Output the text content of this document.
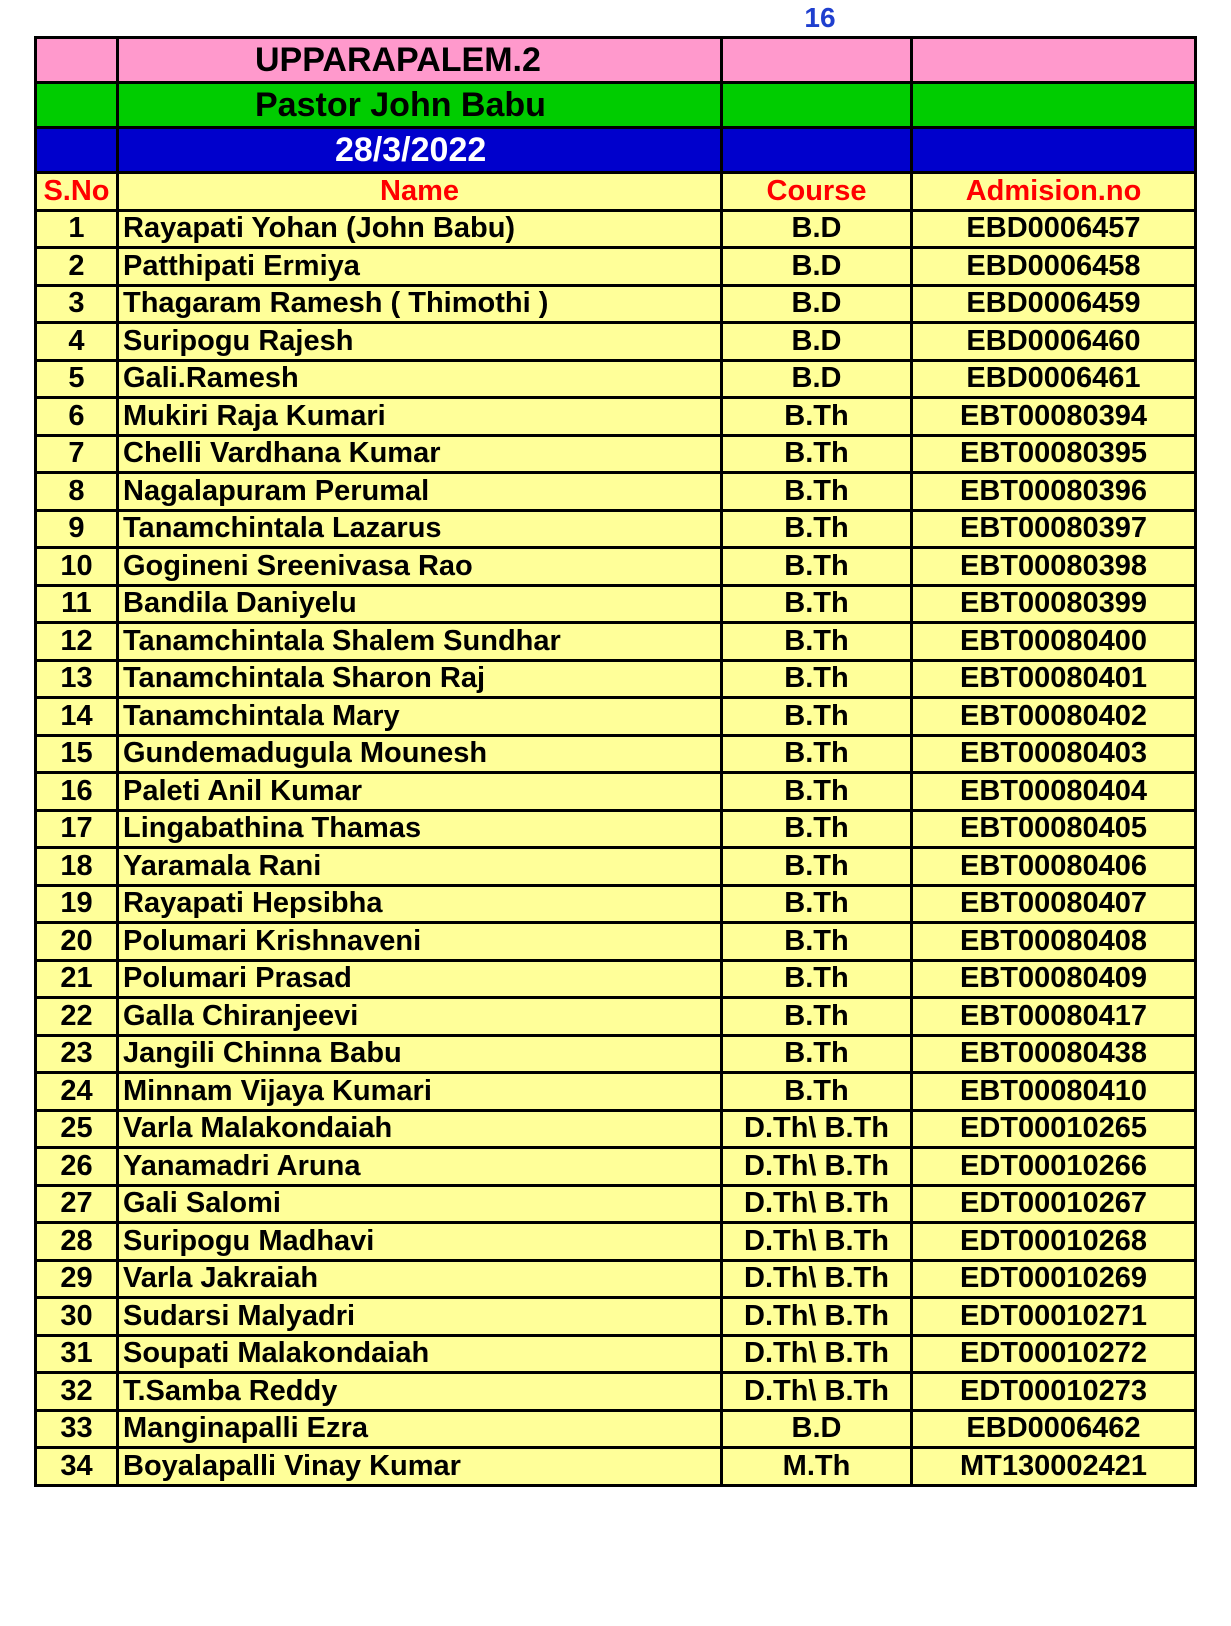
16
	UPPARAPALEM.2		
	Pastor John Babu		
	28/3/2022		
S.No	Name	Course	Admision.no
1	Rayapati Yohan (John Babu)	B.D	EBD0006457
2	Patthipati Ermiya	B.D	EBD0006458
3	Thagaram Ramesh ( Thimothi )	B.D	EBD0006459
4	Suripogu Rajesh	B.D	EBD0006460
5	Gali.Ramesh	B.D	EBD0006461
6	Mukiri Raja Kumari	B.Th	EBT00080394
7	Chelli Vardhana Kumar	B.Th	EBT00080395
8	Nagalapuram Perumal	B.Th	EBT00080396
9	Tanamchintala Lazarus	B.Th	EBT00080397
10	Gogineni Sreenivasa Rao	B.Th	EBT00080398
11	Bandila Daniyelu	B.Th	EBT00080399
12	Tanamchintala Shalem Sundhar	B.Th	EBT00080400
13	Tanamchintala Sharon Raj	B.Th	EBT00080401
14	Tanamchintala Mary	B.Th	EBT00080402
15	Gundemadugula Mounesh	B.Th	EBT00080403
16	Paleti Anil Kumar	B.Th	EBT00080404
17	Lingabathina Thamas	B.Th	EBT00080405
18	Yaramala Rani	B.Th	EBT00080406
19	Rayapati Hepsibha	B.Th	EBT00080407
20	Polumari Krishnaveni	B.Th	EBT00080408
21	Polumari Prasad	B.Th	EBT00080409
22	Galla Chiranjeevi	B.Th	EBT00080417
23	Jangili Chinna Babu	B.Th	EBT00080438
24	Minnam Vijaya Kumari	B.Th	EBT00080410
25	Varla Malakondaiah	D.Th\ B.Th	EDT00010265
26	Yanamadri Aruna	D.Th\ B.Th	EDT00010266
27	Gali Salomi	D.Th\ B.Th	EDT00010267
28	Suripogu Madhavi	D.Th\ B.Th	EDT00010268
29	Varla Jakraiah	D.Th\ B.Th	EDT00010269
30	Sudarsi Malyadri	D.Th\ B.Th	EDT00010271
31	Soupati Malakondaiah	D.Th\ B.Th	EDT00010272
32	T.Samba Reddy	D.Th\ B.Th	EDT00010273
33	Manginapalli Ezra	B.D	EBD0006462
34	Boyalapalli Vinay Kumar	M.Th	MT130002421
